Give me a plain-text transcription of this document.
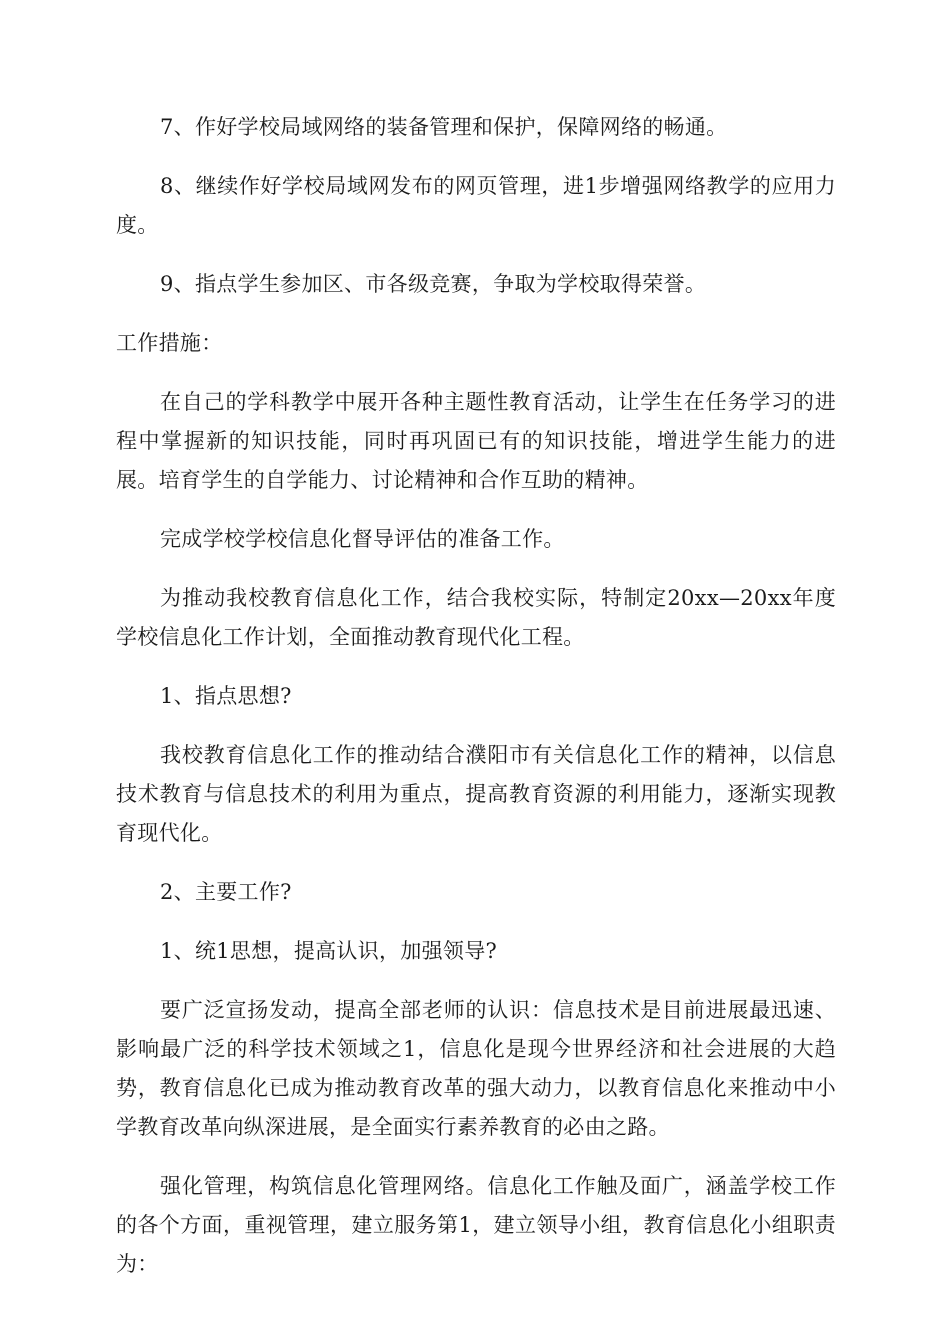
7、作好学校局域网络的装备管理和保护，保障网络的畅通。

8、继续作好学校局域网发布的网页管理，进1步增强网络教学的应用力度。

9、指点学生参加区、市各级竞赛，争取为学校取得荣誉。

工作措施：

在自己的学科教学中展开各种主题性教育活动，让学生在任务学习的进程中掌握新的知识技能，同时再巩固已有的知识技能，增进学生能力的进展。培育学生的自学能力、讨论精神和合作互助的精神。

完成学校学校信息化督导评估的准备工作。

为推动我校教育信息化工作，结合我校实际，特制定20xx—20xx年度学校信息化工作计划，全面推动教育现代化工程。

1、指点思想?

我校教育信息化工作的推动结合濮阳市有关信息化工作的精神，以信息技术教育与信息技术的利用为重点，提高教育资源的利用能力，逐渐实现教育现代化。

2、主要工作?

1、统1思想，提高认识，加强领导?

要广泛宣扬发动，提高全部老师的认识：信息技术是目前进展最迅速、影响最广泛的科学技术领域之1，信息化是现今世界经济和社会进展的大趋势，教育信息化已成为推动教育改革的强大动力，以教育信息化来推动中小学教育改革向纵深进展，是全面实行素养教育的必由之路。

强化管理，构筑信息化管理网络。信息化工作触及面广，涵盖学校工作的各个方面，重视管理，建立服务第1，建立领导小组，教育信息化小组职责为：
